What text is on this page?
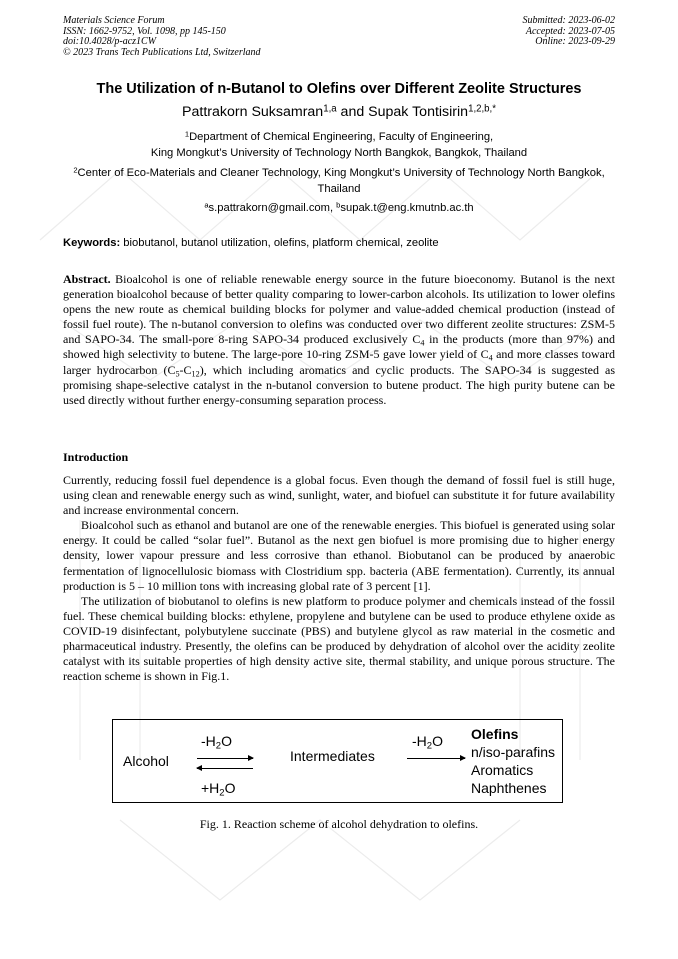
Materials Science Forum
ISSN: 1662-9752, Vol. 1098, pp 145-150
doi:10.4028/p-acz1CW
© 2023 Trans Tech Publications Ltd, Switzerland
Submitted: 2023-06-02
Accepted: 2023-07-05
Online: 2023-09-29
The Utilization of n-Butanol to Olefins over Different Zeolite Structures
Pattrakorn Suksamran$^{1,a}$ and Supak Tontisirin$^{1,2,b,*}$
$^1$Department of Chemical Engineering, Faculty of Engineering,
King Mongkut’s University of Technology North Bangkok, Bangkok, Thailand
$^2$Center of Eco-Materials and Cleaner Technology, King Mongkut’s University of Technology North Bangkok, Thailand
$^a$s.pattrakorn@gmail.com, $^b$supak.t@eng.kmutnb.ac.th
Keywords: biobutanol, butanol utilization, olefins, platform chemical, zeolite
Abstract. Bioalcohol is one of reliable renewable energy source in the future bioeconomy. Butanol is the next generation bioalcohol because of better quality comparing to lower-carbon alcohols. Its utilization to lower olefins opens the new route as chemical building blocks for polymer and value-added chemical production (instead of fossil fuel route). The n-butanol conversion to olefins was conducted over two different zeolite structures: ZSM-5 and SAPO-34. The small-pore 8-ring SAPO-34 produced exclusively $C_4$ in the products (more than 97%) and showed high selectivity to butene. The large-pore 10-ring ZSM-5 gave lower yield of $C_4$ and more classes toward larger hydrocarbon $(C_5-C_{12})$, which including aromatics and cyclic products. The SAPO-34 is suggested as promising shape-selective catalyst in the n-butanol conversion to butene product. The high purity butene can be used directly without further energy-consuming separation process.
Introduction

Currently, reducing fossil fuel dependence is a global focus. Even though the demand of fossil fuel is still huge, using clean and renewable energy such as wind, sunlight, water, and biofuel can substitute it for future availability and increase environmental concern.

Bioalcohol such as ethanol and butanol are one of the renewable energies. This biofuel is generated using solar energy. It could be called “solar fuel”. Butanol as the next gen biofuel is more promising due to higher energy density, lower vapour pressure and less corrosive than ethanol. Biobutanol can be produced by anaerobic fermentation of lignocellulosic biomass with Clostridium spp. bacteria (ABE fermentation). Currently, its annual production is 5 – 10 million tons with increasing global rate of 3 percent [1].

The utilization of biobutanol to olefins is new platform to produce polymer and chemicals instead of the fossil fuel. These chemical building blocks: ethylene, propylene and butylene can be used to produce ethylene oxide as COVID-19 disinfectant, polybutylene succinate (PBS) and butylene glycol as raw material in the cosmetic and pharmaceutical industry. Presently, the olefins can be produced by dehydration of alcohol over the acidity zeolite catalyst with its suitable properties of high density active site, thermal stability, and unique porous structure. The reaction scheme is shown in Fig.1.

Alcohol
$-H_2O$
$+H_2O$
Intermediates
$-H_2O$ Olefins
n/iso-parafins
Aromatics
Naphthenes
Fig. 1. Reaction scheme of alcohol dehydration to olefins.
